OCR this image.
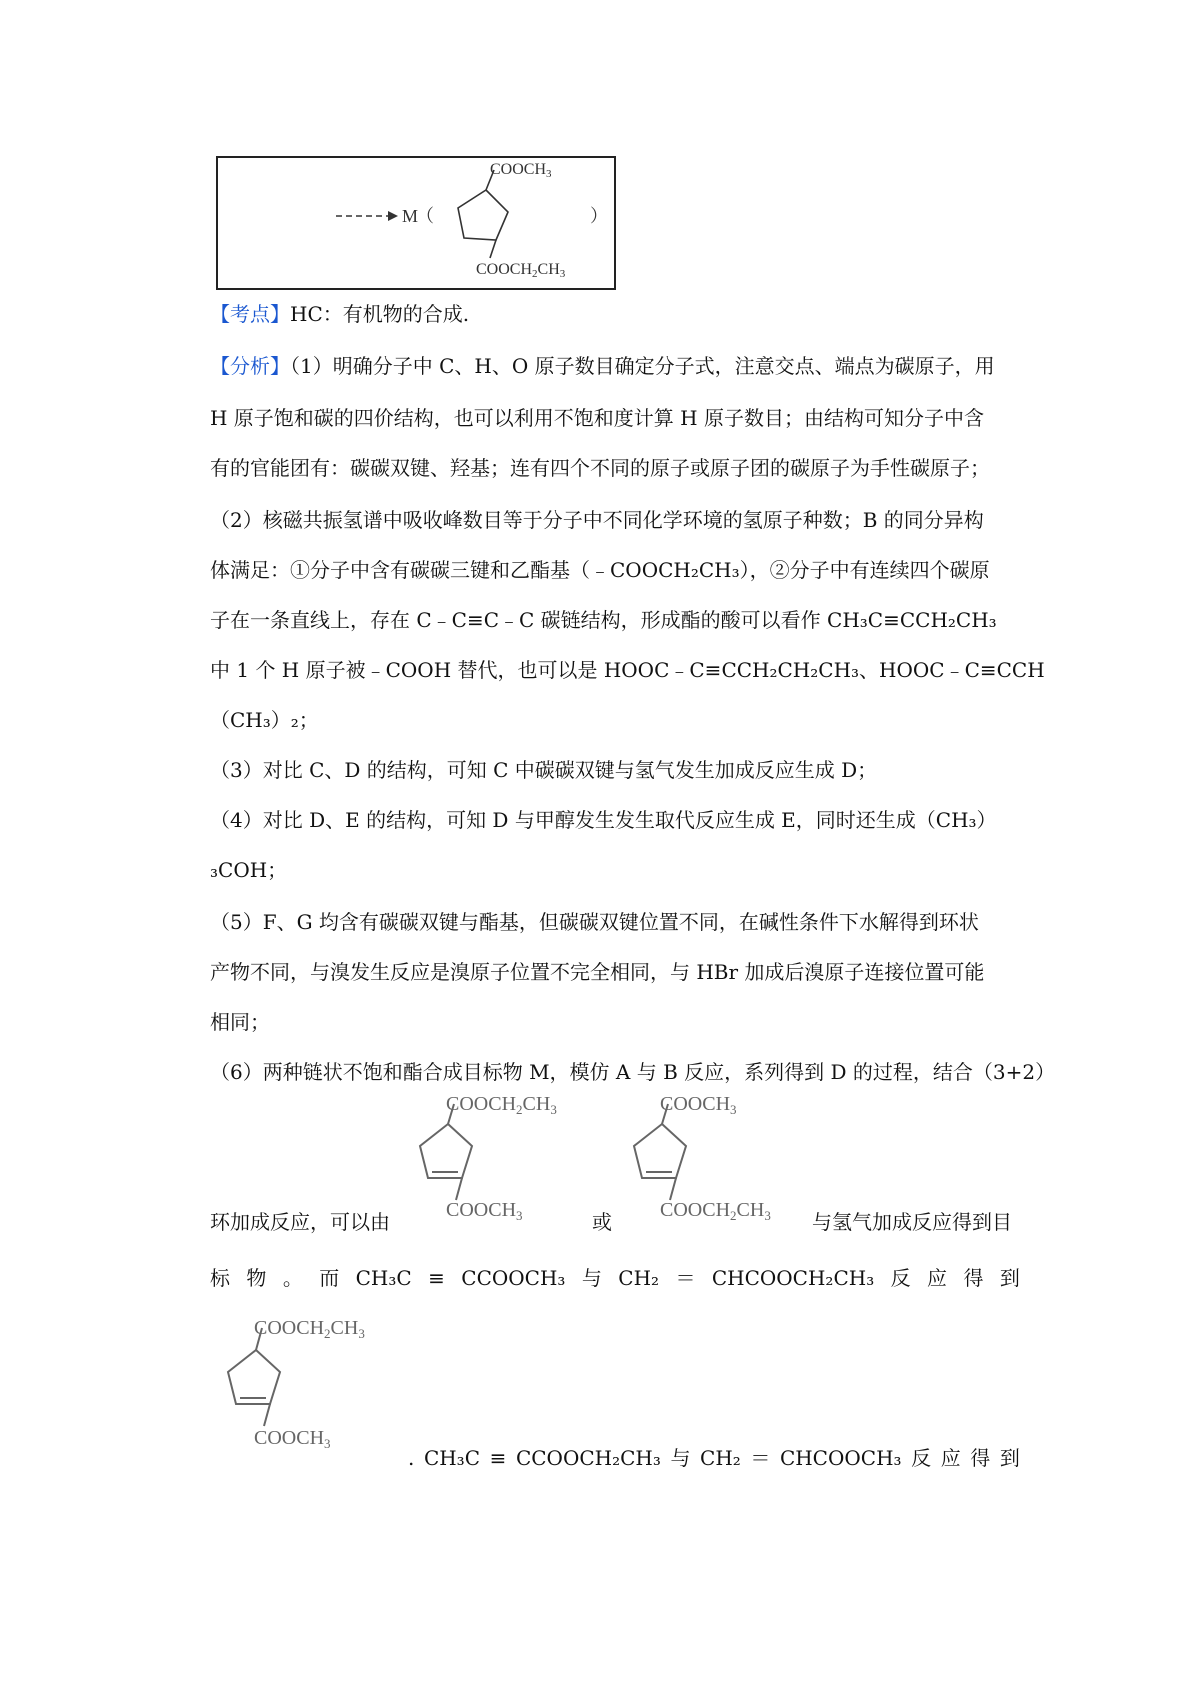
M
（	）
COOCH3
COOCH2CH3
【考点】HC：有机物的合成.
【分析】（1）明确分子中 C、H、O 原子数目确定分子式，注意交点、端点为碳原子，用
H 原子饱和碳的四价结构，也可以利用不饱和度计算 H 原子数目；由结构可知分子中含
有的官能团有：碳碳双键、羟基；连有四个不同的原子或原子团的碳原子为手性碳原子；
（2）核磁共振氢谱中吸收峰数目等于分子中不同化学环境的氢原子种数；B 的同分异构
体满足：①分子中含有碳碳三键和乙酯基（﹣COOCH₂CH₃），②分子中有连续四个碳原
子在一条直线上，存在 C﹣C≡C﹣C 碳链结构，形成酯的酸可以看作 CH₃C≡CCH₂CH₃
中 1 个 H 原子被﹣COOH 替代，也可以是 HOOC﹣C≡CCH₂CH₂CH₃、HOOC﹣C≡CCH
（CH₃）₂；
（3）对比 C、D 的结构，可知 C 中碳碳双键与氢气发生加成反应生成 D；
（4）对比 D、E 的结构，可知 D 与甲醇发生发生取代反应生成 E，同时还生成（CH₃）
₃COH；
（5）F、G 均含有碳碳双键与酯基，但碳碳双键位置不同，在碱性条件下水解得到环状
产物不同，与溴发生反应是溴原子位置不完全相同，与 HBr 加成后溴原子连接位置可能
相同；
（6）两种链状不饱和酯合成目标物 M，模仿 A 与 B 反应，系列得到 D 的过程，结合（3+2）
$COOCH_2CH_3$
$COOCH_3$
$COOCH_3$
$COOCH_2CH_3$
环加成反应，可以由	或	与氢气加成反应得到目
标 物 。 而 CH₃C ≡ CCOOCH₃ 与 CH₂ ＝ CHCOOCH₂CH₃ 反 应 得 到
$COOCH_2CH_3$
$COOCH_3$
. CH₃C ≡ CCOOCH₂CH₃ 与 CH₂ ＝ CHCOOCH₃ 反 应 得 到
